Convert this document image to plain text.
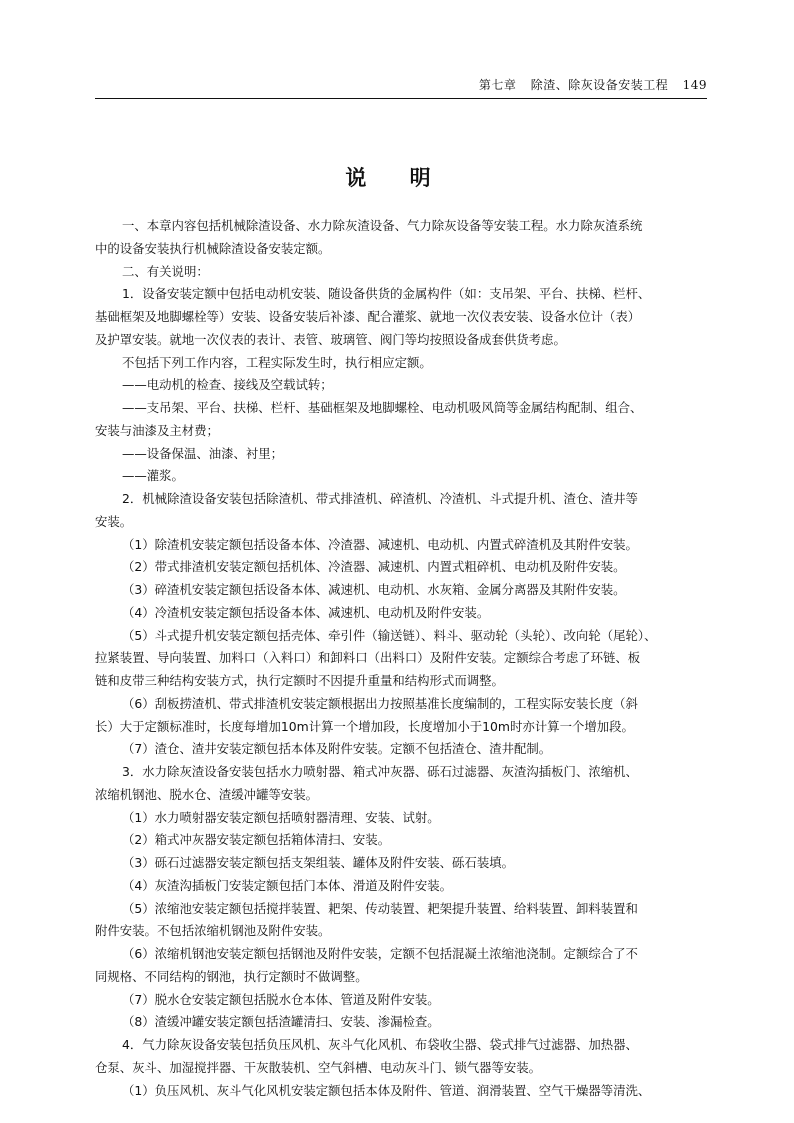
第七章 除渣、除灰设备安装工程 149
说 明
一、本章内容包括机械除渣设备、水力除灰渣设备、气力除灰设备等安装工程。水力除灰渣系统
中的设备安装执行机械除渣设备安装定额。
二、有关说明：
1．设备安装定额中包括电动机安装、随设备供货的金属构件（如：支吊架、平台、扶梯、栏杆、
基础框架及地脚螺栓等）安装、设备安装后补漆、配合灌浆、就地一次仪表安装、设备水位计（表）
及护罩安装。就地一次仪表的表计、表管、玻璃管、阀门等均按照设备成套供货考虑。
不包括下列工作内容，工程实际发生时，执行相应定额。
——电动机的检查、接线及空载试转；
——支吊架、平台、扶梯、栏杆、基础框架及地脚螺栓、电动机吸风筒等金属结构配制、组合、
安装与油漆及主材费；
——设备保温、油漆、衬里；
——灌浆。
2．机械除渣设备安装包括除渣机、带式排渣机、碎渣机、冷渣机、斗式提升机、渣仓、渣井等
安装。
（1）除渣机安装定额包括设备本体、冷渣器、减速机、电动机、内置式碎渣机及其附件安装。
（2）带式排渣机安装定额包括机体、冷渣器、减速机、内置式粗碎机、电动机及附件安装。
（3）碎渣机安装定额包括设备本体、减速机、电动机、水灰箱、金属分离器及其附件安装。
（4）冷渣机安装定额包括设备本体、减速机、电动机及附件安装。
（5）斗式提升机安装定额包括壳体、牵引件（输送链）、料斗、驱动轮（头轮）、改向轮（尾轮）、
拉紧装置、导向装置、加料口（入料口）和卸料口（出料口）及附件安装。定额综合考虑了环链、板
链和皮带三种结构安装方式，执行定额时不因提升重量和结构形式而调整。
（6）刮板捞渣机、带式排渣机安装定额根据出力按照基准长度编制的，工程实际安装长度（斜
长）大于定额标准时，长度每增加10m计算一个增加段，长度增加小于10m时亦计算一个增加段。
（7）渣仓、渣井安装定额包括本体及附件安装。定额不包括渣仓、渣井配制。
3．水力除灰渣设备安装包括水力喷射器、箱式冲灰器、砾石过滤器、灰渣沟插板门、浓缩机、
浓缩机钢池、脱水仓、渣缓冲罐等安装。
（1）水力喷射器安装定额包括喷射器清理、安装、试射。
（2）箱式冲灰器安装定额包括箱体清扫、安装。
（3）砾石过滤器安装定额包括支架组装、罐体及附件安装、砾石装填。
（4）灰渣沟插板门安装定额包括门本体、滑道及附件安装。
（5）浓缩池安装定额包括搅拌装置、耙架、传动装置、耙架提升装置、给料装置、卸料装置和
附件安装。不包括浓缩机钢池及附件安装。
（6）浓缩机钢池安装定额包括钢池及附件安装，定额不包括混凝土浓缩池浇制。定额综合了不
同规格、不同结构的钢池，执行定额时不做调整。
（7）脱水仓安装定额包括脱水仓本体、管道及附件安装。
（8）渣缓冲罐安装定额包括渣罐清扫、安装、渗漏检查。
4．气力除灰设备安装包括负压风机、灰斗气化风机、布袋收尘器、袋式排气过滤器、加热器、
仓泵、灰斗、加湿搅拌器、干灰散装机、空气斜槽、电动灰斗门、锁气器等安装。
（1）负压风机、灰斗气化风机安装定额包括本体及附件、管道、润滑装置、空气干燥器等清洗、
